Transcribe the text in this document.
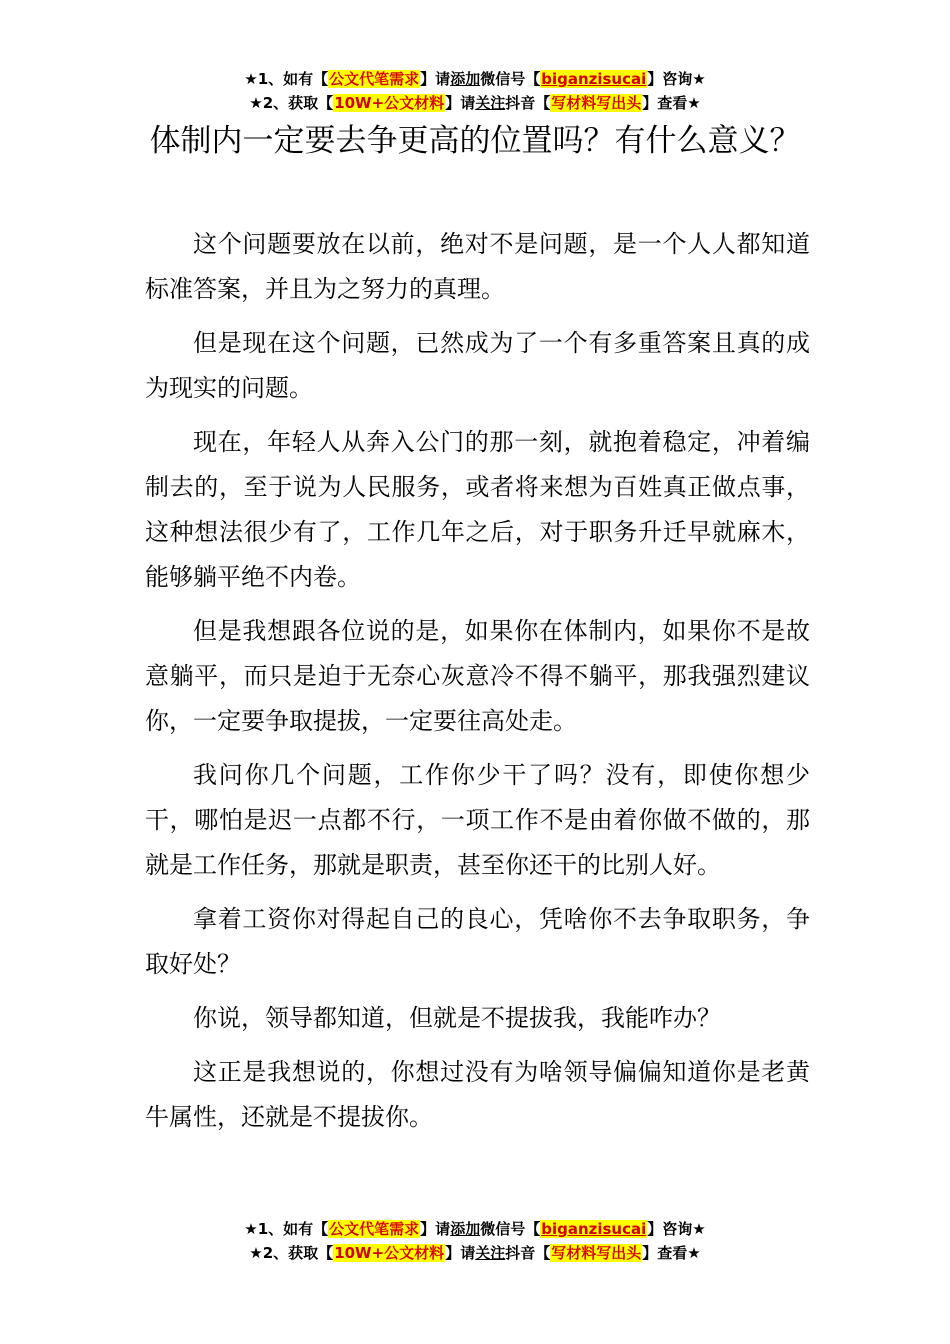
★1、如有【公文代笔需求】请添加微信号【biganzisucai】咨询★
★2、获取【10W+公文材料】请关注抖音【写材料写出头】查看★
体制内一定要去争更高的位置吗？有什么意义？

这个问题要放在以前，绝对不是问题，是一个人人都知道标准答案，并且为之努力的真理。

但是现在这个问题，已然成为了一个有多重答案且真的成为现实的问题。

现在，年轻人从奔入公门的那一刻，就抱着稳定，冲着编制去的，至于说为人民服务，或者将来想为百姓真正做点事，这种想法很少有了，工作几年之后，对于职务升迁早就麻木，能够躺平绝不内卷。

但是我想跟各位说的是，如果你在体制内，如果你不是故意躺平，而只是迫于无奈心灰意冷不得不躺平，那我强烈建议你，一定要争取提拔，一定要往高处走。

我问你几个问题，工作你少干了吗？没有，即使你想少干，哪怕是迟一点都不行，一项工作不是由着你做不做的，那就是工作任务，那就是职责，甚至你还干的比别人好。

拿着工资你对得起自己的良心，凭啥你不去争取职务，争取好处？

你说，领导都知道，但就是不提拔我，我能咋办？

这正是我想说的，你想过没有为啥领导偏偏知道你是老黄牛属性，还就是不提拔你。

★1、如有【公文代笔需求】请添加微信号【biganzisucai】咨询★
★2、获取【10W+公文材料】请关注抖音【写材料写出头】查看★
